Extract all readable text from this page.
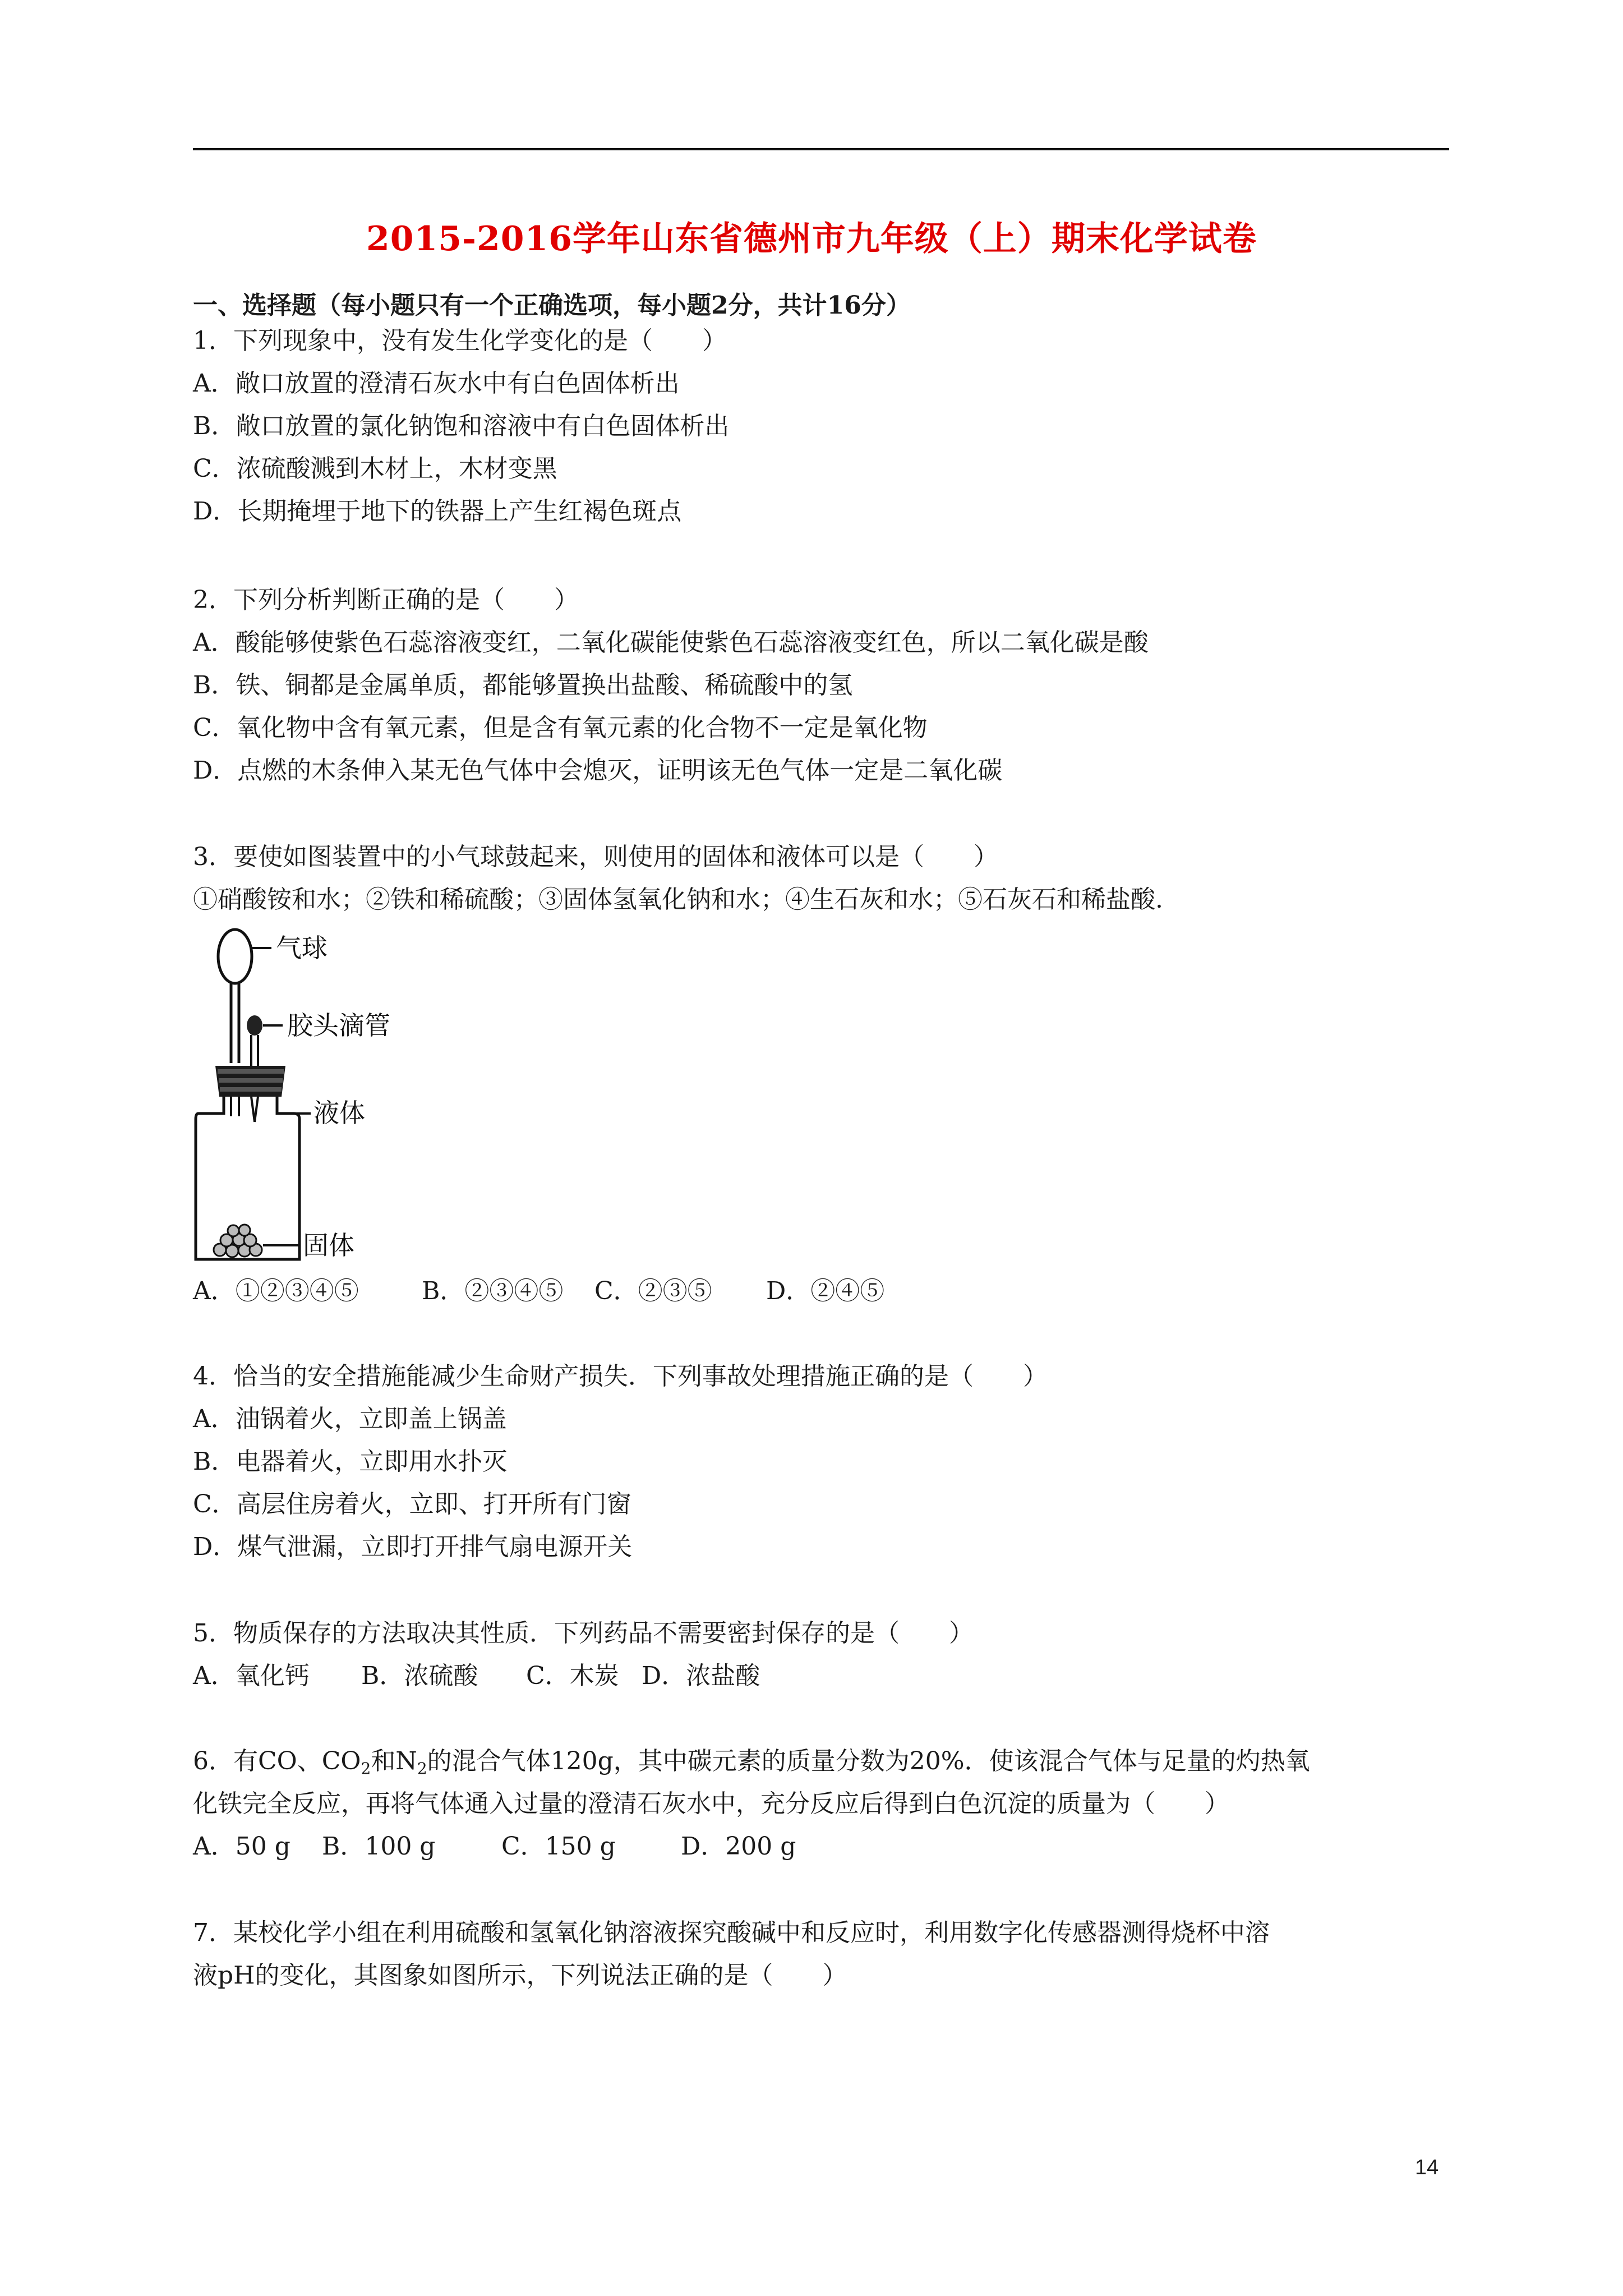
2015-2016学年山东省德州市九年级（上）期末化学试卷
一、选择题（每小题只有一个正确选项，每小题2分，共计16分）
1．下列现象中，没有发生化学变化的是（　　）
A．敞口放置的澄清石灰水中有白色固体析出
B．敞口放置的氯化钠饱和溶液中有白色固体析出
C．浓硫酸溅到木材上，木材变黑
D．长期掩埋于地下的铁器上产生红褐色斑点
2．下列分析判断正确的是（　　）
A．酸能够使紫色石蕊溶液变红，二氧化碳能使紫色石蕊溶液变红色，所以二氧化碳是酸
B．铁、铜都是金属单质，都能够置换出盐酸、稀硫酸中的氢
C．氧化物中含有氧元素，但是含有氧元素的化合物不一定是氧化物
D．点燃的木条伸入某无色气体中会熄灭，证明该无色气体一定是二氧化碳
3．要使如图装置中的小气球鼓起来，则使用的固体和液体可以是（　　）
①硝酸铵和水；②铁和稀硫酸；③固体氢氧化钠和水；④生石灰和水；⑤石灰石和稀盐酸.
气球
胶头滴管
液体
固体
A．①②③④⑤	B．②③④⑤ C．②③⑤ D．②④⑤
4．恰当的安全措施能减少生命财产损失．下列事故处理措施正确的是（　　）
A．油锅着火，立即盖上锅盖
B．电器着火，立即用水扑灭
C．高层住房着火，立即、打开所有门窗
D．煤气泄漏，立即打开排气扇电源开关
5．物质保存的方法取决其性质．下列药品不需要密封保存的是（　　）
A．氧化钙 B．浓硫酸 C．木炭 D．浓盐酸
6．有CO、$CO_2$和$N_2$的混合气体120g，其中碳元素的质量分数为20%．使该混合气体与足量的灼热氧
化铁完全反应，再将气体通入过量的澄清石灰水中，充分反应后得到白色沉淀的质量为（　　）
A．50 g B．100 g	C．150 g	D．200 g
7．某校化学小组在利用硫酸和氢氧化钠溶液探究酸碱中和反应时，利用数字化传感器测得烧杯中溶
液pH的变化，其图象如图所示，下列说法正确的是（　　）
14
